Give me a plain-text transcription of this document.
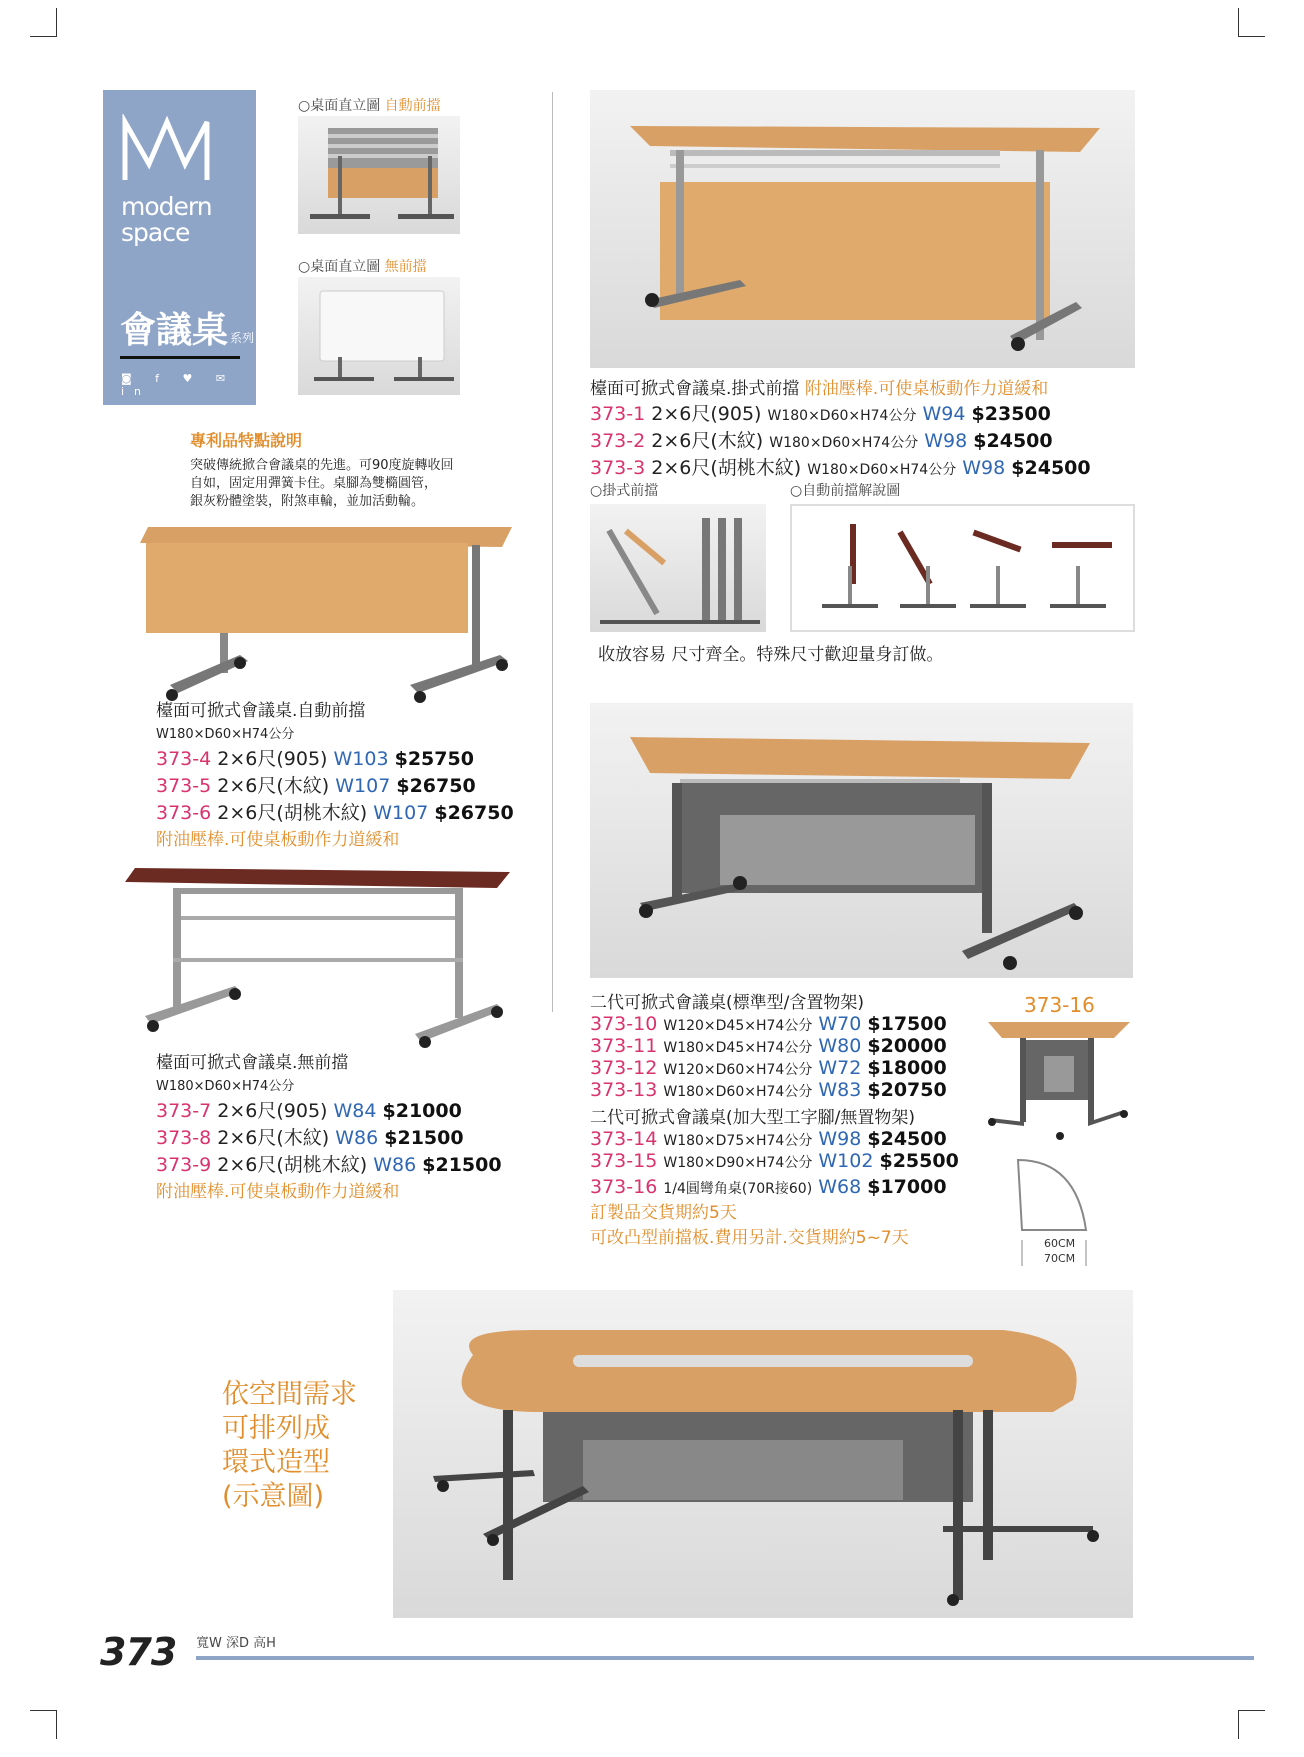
modern
space
會議桌 系列
◙ f ♥ ✉ in
○桌面直立圖 自動前擋
○桌面直立圖 無前擋
專利品特點說明
突破傳統掀合會議桌的先進。可90度旋轉收回
自如，固定用彈簧卡住。桌腳為雙橢圓管，
銀灰粉體塗裝，附煞車輪，並加活動輪。
檯面可掀式會議桌.自動前擋
W180×D60×H74公分
373-4 2×6尺(905) W103 $25750
373-5 2×6尺(木紋) W107 $26750
373-6 2×6尺(胡桃木紋) W107 $26750
附油壓棒.可使桌板動作力道緩和
檯面可掀式會議桌.無前擋
W180×D60×H74公分
373-7 2×6尺(905) W84 $21000
373-8 2×6尺(木紋) W86 $21500
373-9 2×6尺(胡桃木紋) W86 $21500
附油壓棒.可使桌板動作力道緩和
檯面可掀式會議桌.掛式前擋 附油壓棒.可使桌板動作力道緩和
373-1 2×6尺(905) W180×D60×H74公分 W94 $23500
373-2 2×6尺(木紋) W180×D60×H74公分 W98 $24500
373-3 2×6尺(胡桃木紋) W180×D60×H74公分 W98 $24500
○掛式前擋	○自動前擋解說圖
收放容易 尺寸齊全。特殊尺寸歡迎量身訂做。
二代可掀式會議桌(標準型/含置物架)
373-10 W120×D45×H74公分 W70 $17500
373-11 W180×D45×H74公分 W80 $20000
373-12 W120×D60×H74公分 W72 $18000
373-13 W180×D60×H74公分 W83 $20750
二代可掀式會議桌(加大型工字腳/無置物架)
373-14 W180×D75×H74公分 W98 $24500
373-15 W180×D90×H74公分 W102 $25500
373-16 1/4圓彎角桌(70R接60) W68 $17000
訂製品交貨期約5天
可改凸型前擋板.費用另計.交貨期約5~7天
373-16
60CM
70CM
依空間需求
可排列成
環式造型
(示意圖)
373 寬W 深D 高H
